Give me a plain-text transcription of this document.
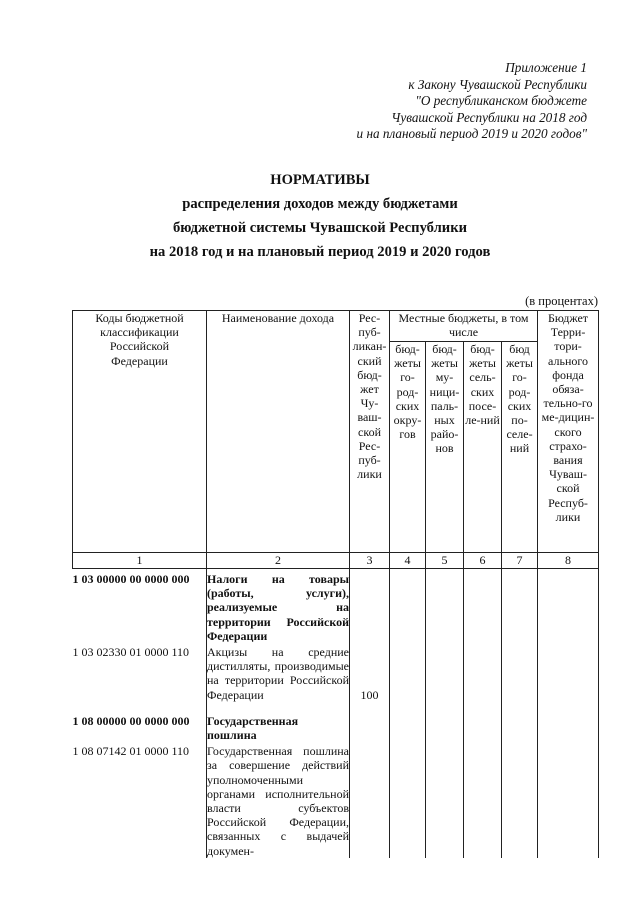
Приложение 1
к Закону Чувашской Республики
"О республиканском бюджете
Чувашской Республики на 2018 год
и на плановый период 2019 и 2020 годов"
НОРМАТИВЫ
распределения доходов между бюджетами
бюджетной системы Чувашской Республики
на 2018 год и на плановый период 2019 и 2020 годов
(в процентах)
Коды бюджетной классификации Российской Федерации	Наименование дохода	Рес-пуб-ликан-ский бюд-жет Чу-ваш-ской Рес-пуб-лики	Местные бюджеты, в том числе				Бюджет Терри-тори-ального фонда обяза-тельно-го ме-дицин-ского страхо-вания Чуваш-ской Респуб-лики
			бюд-жеты го-род-ских окру-гов	бюд-жеты му-ници-паль-ных райо-нов	бюд-жеты сель-ских посе-ле-ний	бюд жеты го-род-ских по-селе-ний	
1	2	3	4	5	6	7	8
1 03 00000 00 0000 000	Налоги на товары (работы, услуги), реализуемые на территории Российской Федерации						
1 03 02330 01 0000 110	Акцизы на средние дистилляты, производимые на территории Российской Федерации	100					

1 08 00000 00 0000 000	Государственная пошлина						
1 08 07142 01 0000 110	Государственная пошлина за совершение действий уполномоченными органами исполнительной власти субъектов Российской Федерации, связанных с выдачей докумен-						
